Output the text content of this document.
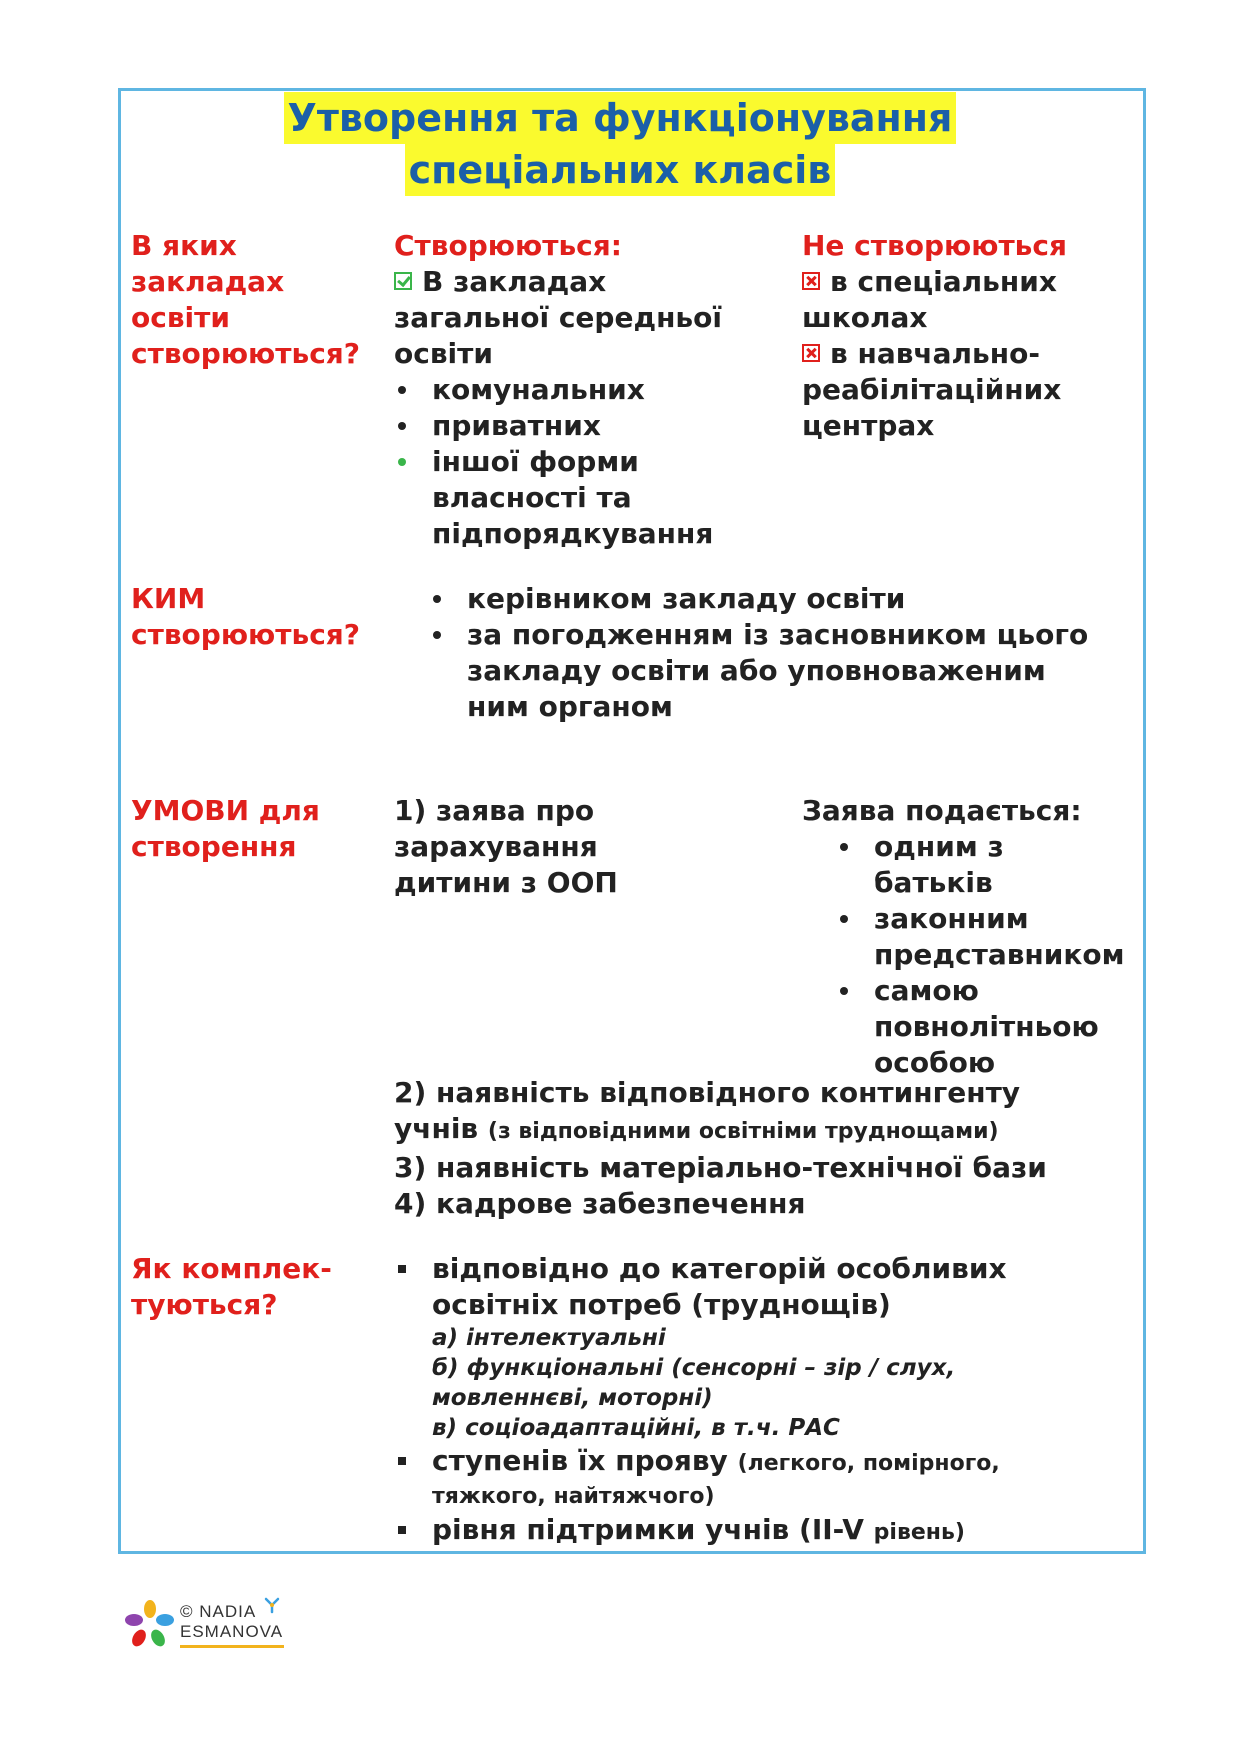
Утворення та функціонування
спеціальних класів
В яких
закладах
освіти
створюються?
Створюються:
В закладах
загальної середньої
освіти
комунальних
приватних
іншої форми
власності та
підпорядкування
Не створюються
в спеціальних
школах
в навчально-
реабілітаційних
центрах
КИМ
створюються?
керівником закладу освіти
за погодженням із засновником цього
закладу освіти або уповноваженим
ним органом
УМОВИ для
створення
1) заява про
зарахування
дитини з ООП
Заява подається:
одним з
батьків
законним
представником
самою
повнолітньою
особою
2) наявність відповідного контингенту
учнів (з відповідними освітніми труднощами)
3) наявність матеріально-технічної бази
4) кадрове забезпечення
Як комплек-
туються?
відповідно до категорій особливих
освітніх потреб (труднощів)
а) інтелектуальні
б) функціональні (сенсорні – зір / слух,
мовленнєві, моторні)
в) соціоадаптаційні, в т.ч. РАС
ступенів їх прояву (легкого, помірного,
тяжкого, найтяжчого)
рівня підтримки учнів (II-V рівень)
© NADIA
ESMANOVA
